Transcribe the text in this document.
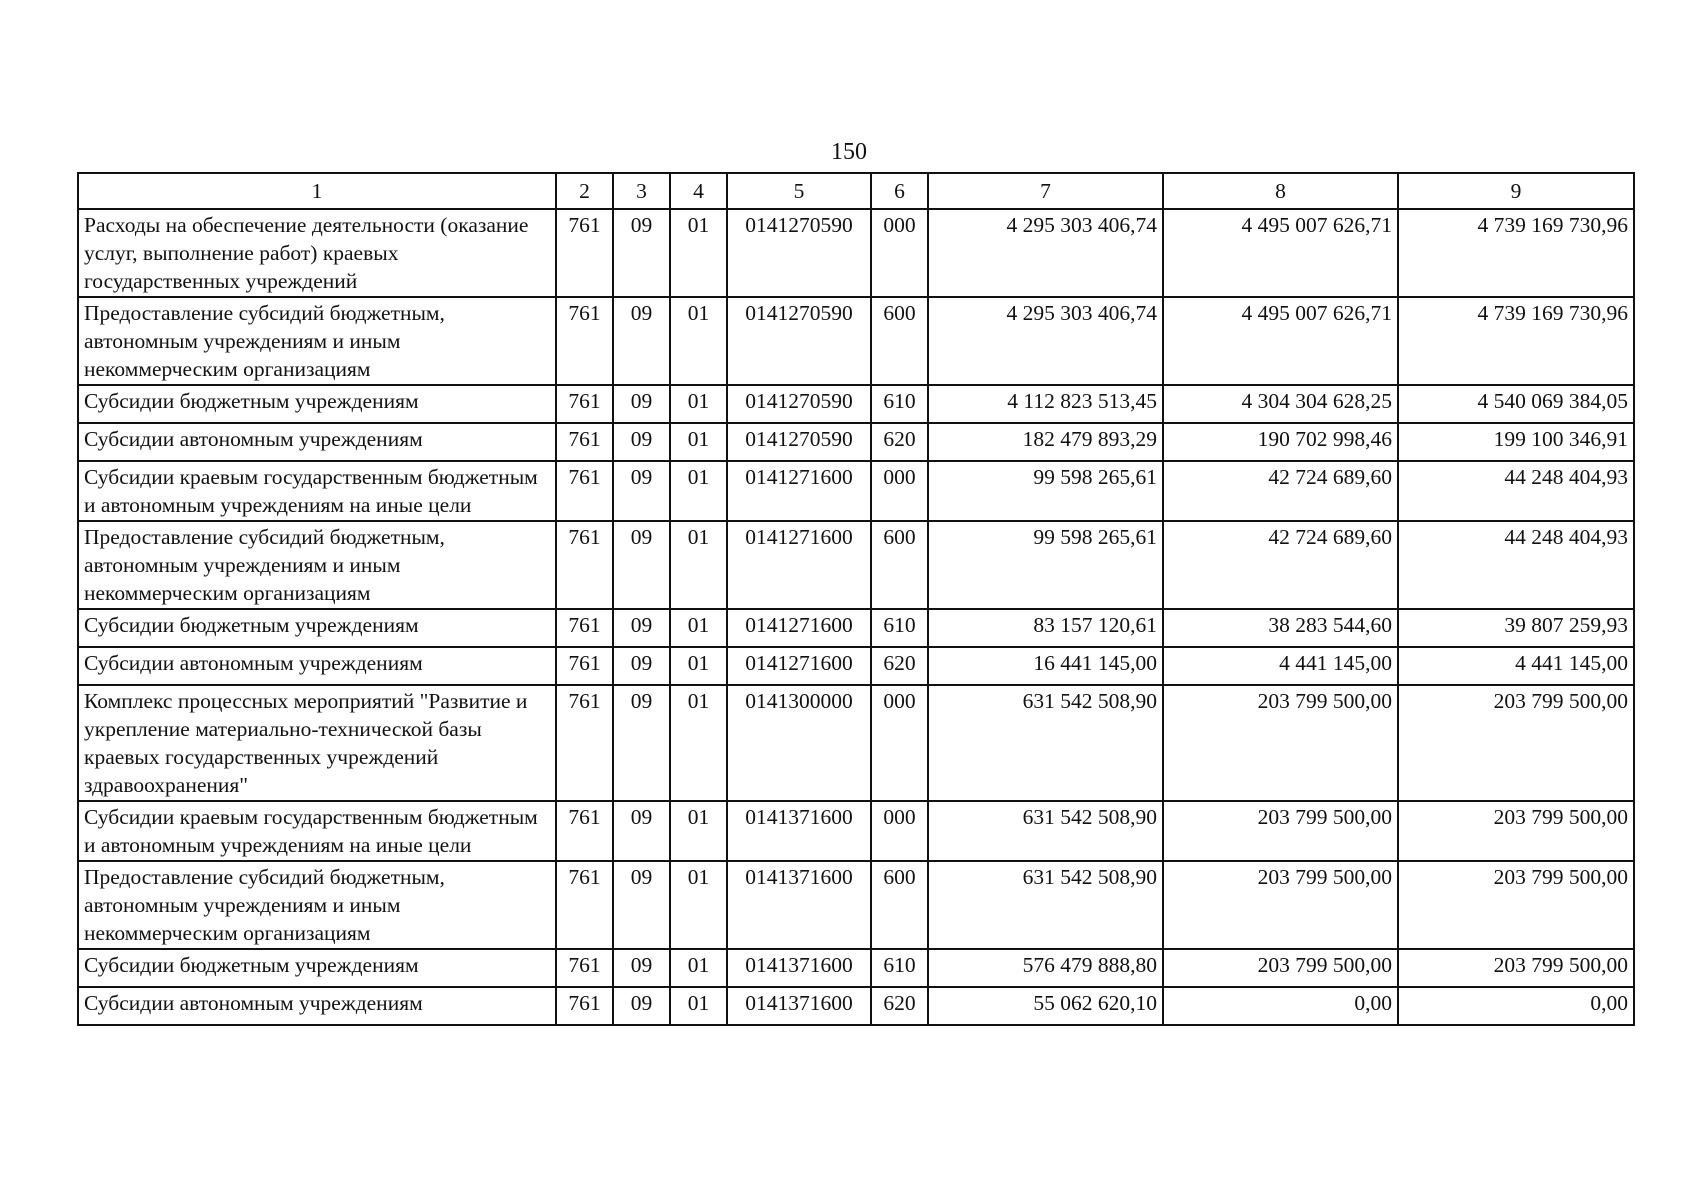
150
1	2	3	4	5	6	7	8	9
Расходы на обеспечение деятельности (оказание услуг, выполнение работ) краевых государственных учреждений	761	09	01	0141270590	000	4 295 303 406,74	4 495 007 626,71	4 739 169 730,96
Предоставление субсидий бюджетным, автономным учреждениям и иным некоммерческим организациям	761	09	01	0141270590	600	4 295 303 406,74	4 495 007 626,71	4 739 169 730,96
Субсидии бюджетным учреждениям	761	09	01	0141270590	610	4 112 823 513,45	4 304 304 628,25	4 540 069 384,05
Субсидии автономным учреждениям	761	09	01	0141270590	620	182 479 893,29	190 702 998,46	199 100 346,91
Субсидии краевым государственным бюджетным и автономным учреждениям на иные цели	761	09	01	0141271600	000	99 598 265,61	42 724 689,60	44 248 404,93
Предоставление субсидий бюджетным, автономным учреждениям и иным некоммерческим организациям	761	09	01	0141271600	600	99 598 265,61	42 724 689,60	44 248 404,93
Субсидии бюджетным учреждениям	761	09	01	0141271600	610	83 157 120,61	38 283 544,60	39 807 259,93
Субсидии автономным учреждениям	761	09	01	0141271600	620	16 441 145,00	4 441 145,00	4 441 145,00
Комплекс процессных мероприятий "Развитие и укрепление материально-технической базы краевых государственных учреждений здравоохранения"	761	09	01	0141300000	000	631 542 508,90	203 799 500,00	203 799 500,00
Субсидии краевым государственным бюджетным и автономным учреждениям на иные цели	761	09	01	0141371600	000	631 542 508,90	203 799 500,00	203 799 500,00
Предоставление субсидий бюджетным, автономным учреждениям и иным некоммерческим организациям	761	09	01	0141371600	600	631 542 508,90	203 799 500,00	203 799 500,00
Субсидии бюджетным учреждениям	761	09	01	0141371600	610	576 479 888,80	203 799 500,00	203 799 500,00
Субсидии автономным учреждениям	761	09	01	0141371600	620	55 062 620,10	0,00	0,00
